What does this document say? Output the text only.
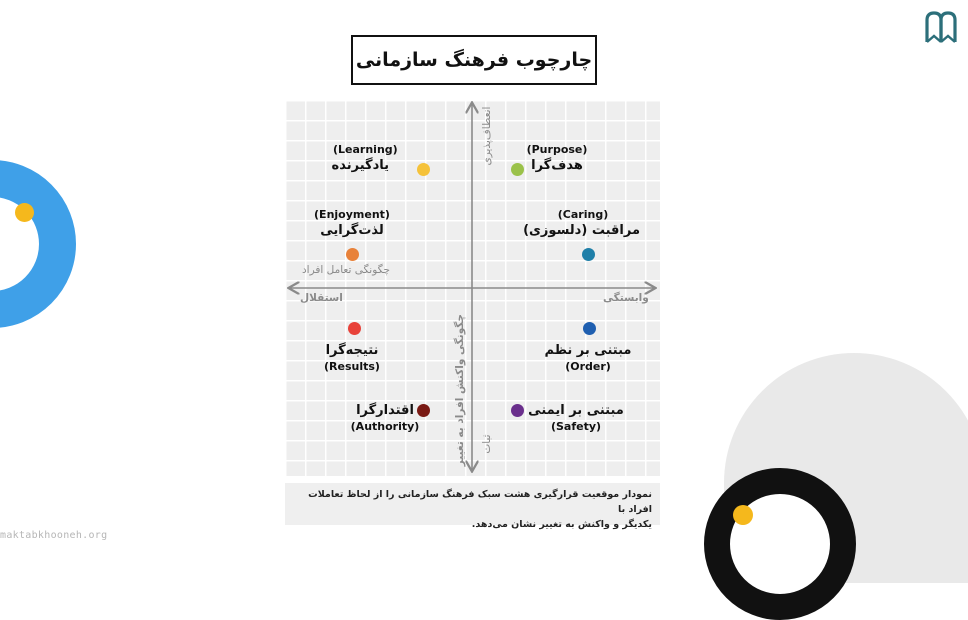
maktabkhooneh.org
چارچوب فرهنگ سازمانی
استقلال	وابستگی
چگونگی تعامل افراد
انعطاف‌پذیری
ثبات
چگونگی واکنش افراد به تغییر
(Learning)
یادگیرنده
(Purpose)
هدف‌گرا
(Enjoyment)
لذت‌گرایی
(Caring)
مراقبت (دلسوزی)
نتیجه‌گرا
(Results)
مبتنی بر نظم
(Order)
اقتدارگرا
(Authority)
مبتنی بر ایمنی
(Safety)
نمودار موقعیت قرارگیری هشت سبک فرهنگ سازمانی را از لحاظ تعاملات افراد با
یکدیگر و واکنش به تغییر نشان می‌دهد.
